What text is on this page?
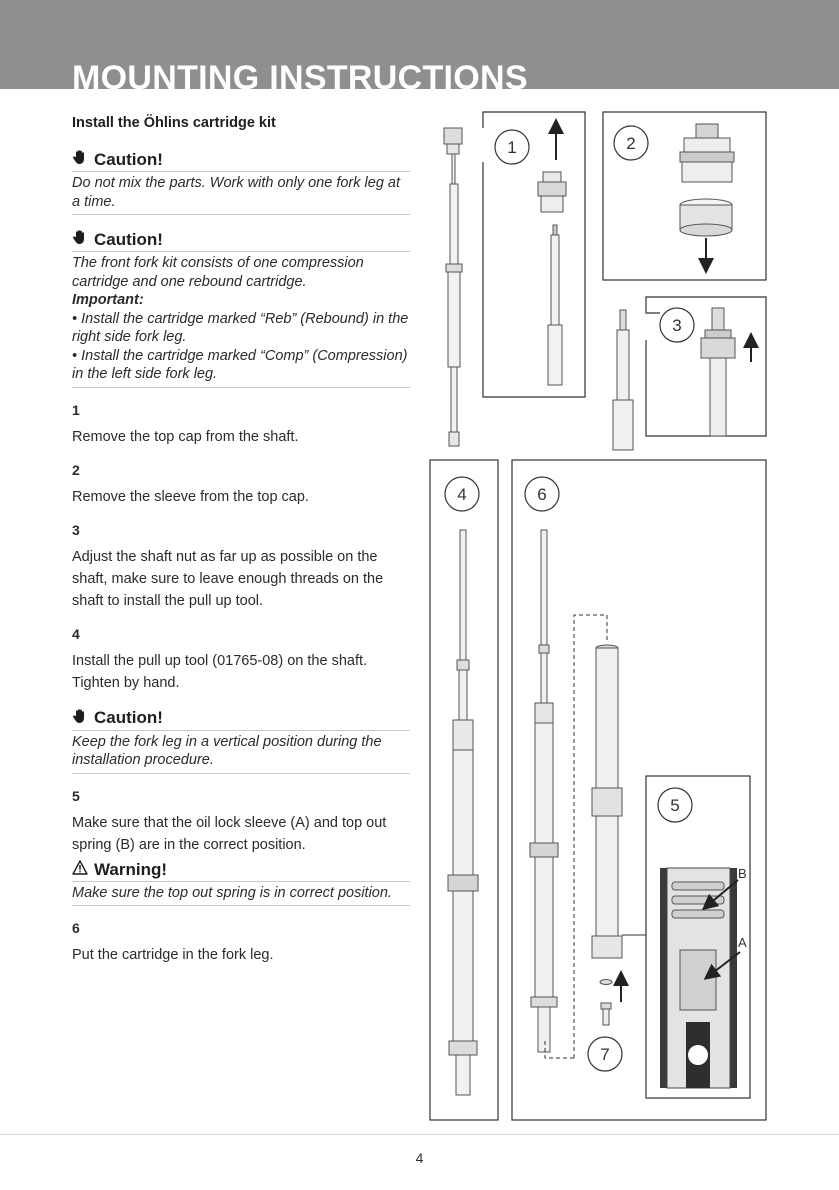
MOUNTING INSTRUCTIONS
Install the Öhlins cartridge kit
Caution!
Do not mix the parts. Work with only one fork leg at a time.
Caution!
The front fork kit consists of one compression cartridge and one rebound cartridge.
Important:
• Install the cartridge marked “Reb” (Rebound) in the right side fork leg.
• Install the cartridge marked “Comp” (Compression) in the left side fork leg.
1
Remove the top cap from the shaft.
2
Remove the sleeve from the top cap.
3
Adjust the shaft nut as far up as possible on the shaft, make sure to leave enough threads on the shaft to install the pull up tool.
4
Install the pull up tool (01765-08) on the shaft. Tighten by hand.
Caution!
Keep the fork leg in a vertical position during the installation procedure.
5
Make sure that the oil lock sleeve (A) and top out spring (B) are in the correct position.
Warning!
Make sure the top out spring is in correct position.
6
Put the cartridge in the fork leg.
1	2
3
4	6
7
5
B
A
4
